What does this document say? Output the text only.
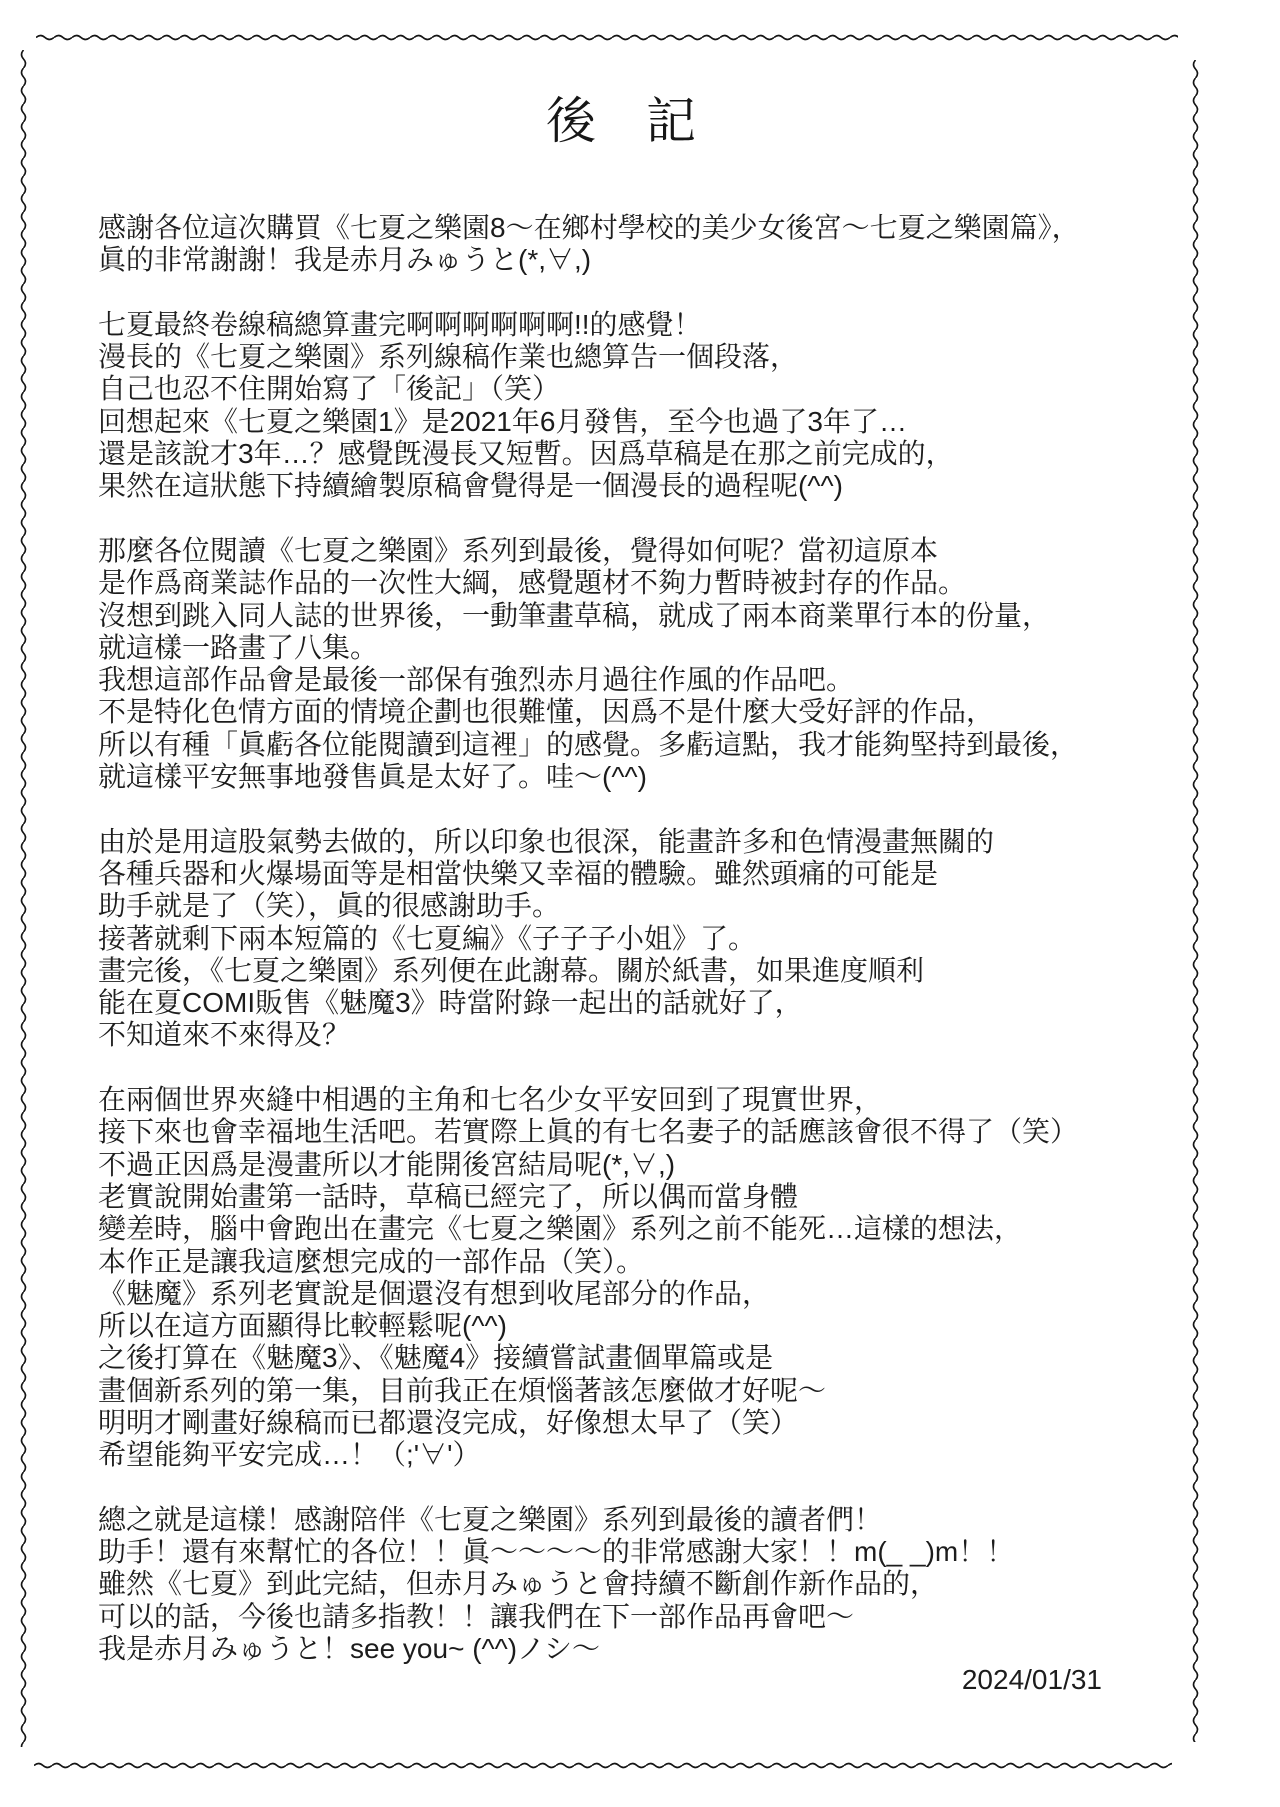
後　記
感謝各位這次購買《七夏之樂園8～在鄉村學校的美少女後宮～七夏之樂園篇》，
眞的非常謝謝！我是赤月みゅうと(*,∀,)

七夏最終卷線稿總算畫完啊啊啊啊啊啊!!的感覺！
漫長的《七夏之樂園》系列線稿作業也總算告一個段落，
自己也忍不住開始寫了「後記」（笑）
回想起來《七夏之樂園1》是2021年6月發售，至今也過了3年了…
還是該說才3年…？感覺旣漫長又短暫。因爲草稿是在那之前完成的，
果然在這狀態下持續繪製原稿會覺得是一個漫長的過程呢(^^)

那麼各位閱讀《七夏之樂園》系列到最後，覺得如何呢？當初這原本
是作爲商業誌作品的一次性大綱，感覺題材不夠力暫時被封存的作品。
沒想到跳入同人誌的世界後，一動筆畫草稿，就成了兩本商業單行本的份量，
就這樣一路畫了八集。
我想這部作品會是最後一部保有強烈赤月過往作風的作品吧。
不是特化色情方面的情境企劃也很難懂，因爲不是什麼大受好評的作品，
所以有種「眞虧各位能閱讀到這裡」的感覺。多虧這點，我才能夠堅持到最後，
就這樣平安無事地發售眞是太好了。哇～(^^)

由於是用這股氣勢去做的，所以印象也很深，能畫許多和色情漫畫無關的
各種兵器和火爆場面等是相當快樂又幸福的體驗。雖然頭痛的可能是
助手就是了（笑），眞的很感謝助手。
接著就剩下兩本短篇的《七夏編》《子子子小姐》了。
畫完後，《七夏之樂園》系列便在此謝幕。關於紙書，如果進度順利
能在夏COMI販售《魅魔3》時當附錄一起出的話就好了，
不知道來不來得及？

在兩個世界夾縫中相遇的主角和七名少女平安回到了現實世界，
接下來也會幸福地生活吧。若實際上眞的有七名妻子的話應該會很不得了（笑）
不過正因爲是漫畫所以才能開後宮結局呢(*,∀,)
老實說開始畫第一話時，草稿已經完了，所以偶而當身體
變差時，腦中會跑出在畫完《七夏之樂園》系列之前不能死…這樣的想法，
本作正是讓我這麼想完成的一部作品（笑）。
《魅魔》系列老實說是個還沒有想到收尾部分的作品，
所以在這方面顯得比較輕鬆呢(^^)
之後打算在《魅魔3》、《魅魔4》接續嘗試畫個單篇或是
畫個新系列的第一集，目前我正在煩惱著該怎麼做才好呢～
明明才剛畫好線稿而已都還沒完成，好像想太早了（笑）
希望能夠平安完成…！（;'∀'）

總之就是這樣！感謝陪伴《七夏之樂園》系列到最後的讀者們！
助手！還有來幫忙的各位！！眞～～～～的非常感謝大家！！m(_ _)m！！
雖然《七夏》到此完結，但赤月みゅうと會持續不斷創作新作品的，
可以的話，今後也請多指教！！讓我們在下一部作品再會吧～
我是赤月みゅうと！see you~ (^^)ノシ～
2024/01/31
